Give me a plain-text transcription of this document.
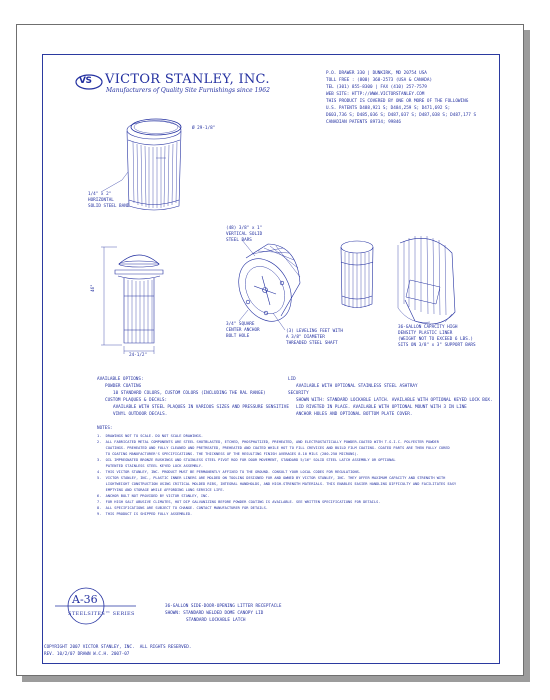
VS VICTOR STANLEY, INC.
Manufacturers of Quality Site Furnishings since 1962
P.O. DRAWER 330 | DUNKIRK, MD 20754 USA
TOLL FREE : (800) 368-2573 (USA & CANADA)
TEL (301) 855-8300 | FAX (410) 257-7579
WEB SITE: HTTP://WWW.VICTORSTANLEY.COM
THIS PRODUCT IS COVERED BY ONE OR MORE OF THE FOLLOWING
U.S. PATENTS D488,921 S; D484,259 S; D471,692 S;
D603,736 S; D485,036 S; D487,037 S; D487,038 S; D487,177 S
CANADIAN PATENTS 89734; 99846
Ø 29-1/8"
1/4" x 2"
HORIZONTAL
SOLID STEEL BAND
(48) 3/8" x 1"
VERTICAL SOLID
STEEL BARS
46"
24-1/2"
3/4" SQUARE
CENTER ANCHOR
BOLT HOLE
(3) LEVELING FEET WITH
A 3/8" DIAMETER
THREADED STEEL SHAFT
36-GALLON CAPACITY HIGH
DENSITY PLASTIC LINER
(WEIGHT NOT TO EXCEED 6 LBS.)
SITS ON 3/8" x 3" SUPPORT BARS
AVAILABLE OPTIONS:
POWDER COATING
10 STANDARD COLORS, CUSTOM COLORS (INCLUDING THE RAL RANGE)
CUSTOM PLAQUES & DECALS:
AVAILABLE WITH STEEL PLAQUES IN VARIOUS SIZES AND PRESSURE SENSITIVE
VINYL OUTDOOR DECALS.
LID
AVAILABLE WITH OPTIONAL STAINLESS STEEL ASHTRAY
SECURITY
SHOWN WITH: STANDARD LOCKABLE LATCH. AVAILABLE WITH OPTIONAL KEYED LOCK BOX.
LID RIVETED IN PLACE. AVAILABLE WITH OPTIONAL MOUNT WITH 3 IN LINE
ANCHOR HOLES AND OPTIONAL BOTTOM PLATE COVER.
NOTES:
1.  DRAWINGS NOT TO SCALE. DO NOT SCALE DRAWINGS.
2.  ALL FABRICATED METAL COMPONENTS ARE STEEL SHOTBLASTED, ETCHED, PHOSPHATIZED, PREHEATED, AND ELECTROSTATICALLY POWDER-COATED WITH T.G.I.C. POLYESTER POWDER
COATINGS. PREHEATED AND FULLY CLEANED AND PRETREATED, PREHEATED AND COATED WHILE HOT TO FILL CREVICES AND BUILD FILM COATING. COATED PARTS ARE THEN FULLY CURED
TO COATING MANUFACTURER'S SPECIFICATIONS. THE THICKNESS OF THE RESULTING FINISH AVERAGES 8-10 MILS (200-250 MICRONS).
3.  OIL IMPREGNATED BRONZE BUSHINGS AND STAINLESS STEEL PIVOT ROD FOR DOOR MOVEMENT, STANDARD 5/16" SOLID STEEL LATCH ASSEMBLY OR OPTIONAL
PATENTED STAINLESS STEEL KEYED LOCK ASSEMBLY.
4.  THIS VICTOR STANLEY, INC. PRODUCT MUST BE PERMANENTLY AFFIXED TO THE GROUND. CONSULT YOUR LOCAL CODES FOR REGULATIONS.
5.  VICTOR STANLEY, INC., PLASTIC INNER LINERS ARE MOLDED ON TOOLING DESIGNED FOR AND OWNED BY VICTOR STANLEY, INC. THEY OFFER MAXIMUM CAPACITY AND STRENGTH WITH
LIGHTWEIGHT CONSTRUCTION USING CRITICAL MOLDED RIBS, INTEGRAL HANDHOLDS, AND HIGH-STRENGTH MATERIALS. THIS ENABLES EASIER HANDLING DIFFICULTY AND FACILITATES EASY
EMPTYING AND STORAGE WHILE AFFORDING LONG SERVICE LIFE.
6.  ANCHOR BOLT NOT PROVIDED BY VICTOR STANLEY, INC.
7.  FOR HIGH SALT ABUSIVE CLIMATES, HOT DIP GALVANIZING BEFORE POWDER COATING IS AVAILABLE. SEE WRITTEN SPECIFICATIONS FOR DETAILS.
8.  ALL SPECIFICATIONS ARE SUBJECT TO CHANGE. CONTACT MANUFACTURER FOR DETAILS.
9.  THIS PRODUCT IS SHIPPED FULLY ASSEMBLED.
A-36
STEELSITES™ SERIES
36-GALLON SIDE-DOOR-OPENING LITTER RECEPTACLE
SHOWN: STANDARD WELDED DOME CANOPY LID
STANDARD LOCKABLE LATCH
COPYRIGHT 2007 VICTOR STANLEY, INC.  ALL RIGHTS RESERVED.
REV. 10/2/07 DRAWN W.C.H. 2007-07
